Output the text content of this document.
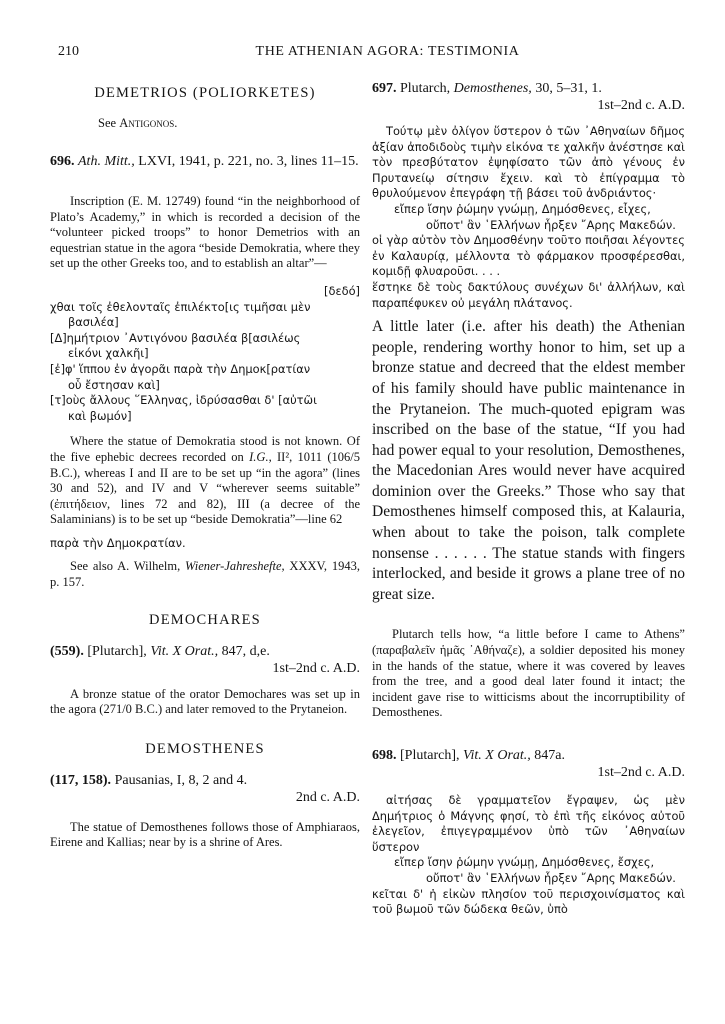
210	THE ATHENIAN AGORA: TESTIMONIA
DEMETRIOS (POLIORKETES)
See Antigonos.
696. Ath. Mitt., LXVI, 1941, p. 221, no. 3, lines 11–15.

Inscription (E. M. 12749) found “in the neighborhood of Plato’s Academy,” in which is recorded a decision of the “volunteer picked troops” to honor Demetrios with an equestrian statue in the agora “beside Demokratia, where they set up the other Greeks too, and to establish an altar”—

[δεδό]
χθαι τοῖς ἐθελονταῖς ἐπιλέκτο[ις τιμῆσαι μὲν
βασιλέα]
[Δ]ημήτριον ᾿Αντιγόνου βασιλέα β[ασιλέως
εἰκόνι χαλκῆι]
[ἐ]φ' ἵππου ἐν ἀγορᾶι παρὰ τὴν Δημοκ[ρατίαν
οὗ ἔστησαν καὶ]
[τ]οὺς ἄλλους ῞Ελληνας, ἱδρύσασθαι δ' [αὐτῶι
καὶ βωμόν]

Where the statue of Demokratia stood is not known. Of the five ephebic decrees recorded on I.G., II², 1011 (106/5 B.C.), whereas I and II are to be set up “in the agora” (lines 30 and 52), and IV and V “wherever seems suitable” (ἐπιτήδειον, lines 72 and 82), III (a decree of the Salaminians) is to be set up “beside Demokratia”—line 62

παρὰ τὴν Δημοκρατίαν.

See also A. Wilhelm, Wiener-Jahreshefte, XXXV, 1943, p. 157.

DEMOCHARES
(559). [Plutarch], Vit. X Orat., 847, d,e.
1st–2nd c. A.D.

A bronze statue of the orator Demochares was set up in the agora (271/0 B.C.) and later removed to the Prytaneion.

DEMOSTHENES
(117, 158). Pausanias, I, 8, 2 and 4.
2nd c. A.D.

The statue of Demosthenes follows those of Amphiaraos, Eirene and Kallias; near by is a shrine of Ares.

697. Plutarch, Demosthenes, 30, 5–31, 1.
1st–2nd c. A.D.

Τούτῳ μὲν ὀλίγον ὕστερον ὁ τῶν ᾿Αθηναίων δῆμος ἀξίαν ἀποδιδοὺς τιμὴν εἰκόνα τε χαλκῆν ἀνέστησε καὶ τὸν πρεσβύτατον ἐψηφίσατο τῶν ἀπὸ γένους ἐν Πρυτανείῳ σίτησιν ἔχειν. καὶ τὸ ἐπίγραμμα τὸ θρυλούμενον ἐπεγράφη τῇ βάσει τοῦ ἀνδριάντος·

εἴπερ ἴσην ῥώμην γνώμῃ, Δημόσθενες, εἶχες,
οὔποτ' ἂν ῾Ελλήνων ἦρξεν ῎Αρης Μακεδών.

οἱ γὰρ αὐτὸν τὸν Δημοσθένην τοῦτο ποιῆσαι λέγοντες ἐν Καλαυρίᾳ, μέλλοντα τὸ φάρμακον προσφέρεσθαι, κομιδῇ φλυαροῦσι. . . .

ἕστηκε δὲ τοὺς δακτύλους συνέχων δι' ἀλλήλων, καὶ παραπέφυκεν οὐ μεγάλη πλάτανος.

A little later (i.e. after his death) the Athenian people, rendering worthy honor to him, set up a bronze statue and decreed that the eldest member of his family should have public maintenance in the Prytaneion. The much-quoted epigram was inscribed on the base of the statue, “If you had had power equal to your resolution, Demosthenes, the Macedonian Ares would never have acquired dominion over the Greeks.” Those who say that Demosthenes himself composed this, at Kalauria, when about to take the poison, talk complete nonsense . . . . . . The statue stands with fingers interlocked, and beside it grows a plane tree of no great size.

Plutarch tells how, “a little before I came to Athens” (παραβαλεῖν ἡμᾶς ᾿Αθήναζε), a soldier deposited his money in the hands of the statue, where it was covered by leaves from the tree, and a good deal later found it intact; the incident gave rise to witticisms about the incorruptibility of Demosthenes.

698. [Plutarch], Vit. X Orat., 847a.
1st–2nd c. A.D.

αἰτήσας δὲ γραμματεῖον ἔγραψεν, ὡς μὲν Δημήτριος ὁ Μάγνης φησί, τὸ ἐπὶ τῆς εἰκόνος αὐτοῦ ἐλεγεῖον, ἐπιγεγραμμένον ὑπὸ τῶν ᾿Αθηναίων ὕστερον

εἴπερ ἴσην ῥώμην γνώμῃ, Δημόσθενες, ἔσχες,
οὔποτ' ἂν ῾Ελλήνων ἦρξεν ῎Αρης Μακεδών.

κεῖται δ' ἡ εἰκὼν πλησίον τοῦ περισχοινίσματος καὶ τοῦ βωμοῦ τῶν δώδεκα θεῶν, ὑπὸ
